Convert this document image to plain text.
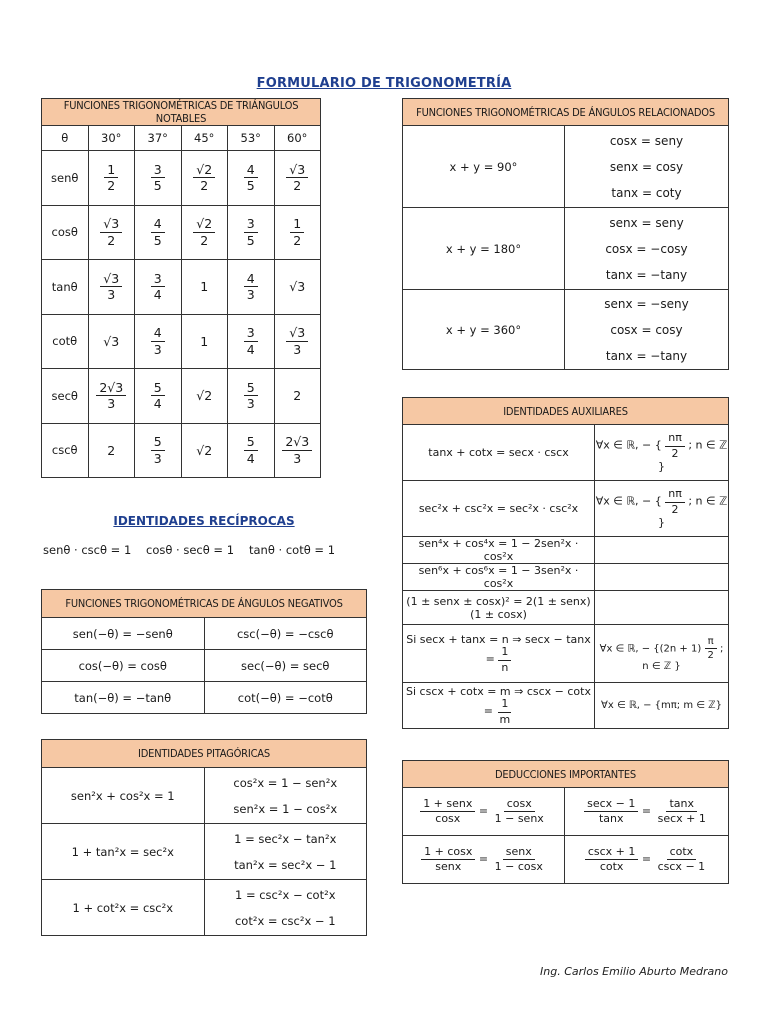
FORMULARIO DE TRIGONOMETRÍA
FUNCIONES TRIGONOMÉTRICAS DE TRIÁNGULOS NOTABLES					
θ	30°	37°	45°	53°	60°
senθ	$\frac{1}{2}$	$\frac{3}{5}$	$\frac{√2}{2}$	$\frac{4}{5}$	$\frac{√3}{2}$

cosθ	$\frac{√3}{2}$	$\frac{4}{5}$	$\frac{√2}{2}$	$\frac{3}{5}$	$\frac{1}{2}$

tanθ	$\frac{√3}{3}$	$\frac{3}{4}$	1	$\frac{4}{3}$	√3
cotθ	√3	$\frac{4}{3}$	1	$\frac{3}{4}$	$\frac{√3}{3}$

secθ	$\frac{2√3}{3}$	$\frac{5}{4}$	√2	$\frac{5}{3}$	2
cscθ	2	$\frac{5}{3}$	√2	$\frac{5}{4}$	$\frac{2√3}{3}$
IDENTIDADES RECÍPROCAS
senθ · cscθ = 1 cosθ · secθ = 1 tanθ · cotθ = 1
FUNCIONES TRIGONOMÉTRICAS DE ÁNGULOS NEGATIVOS	
sen(−θ) = −senθ	csc(−θ) = −cscθ
cos(−θ) = cosθ	sec(−θ) = secθ
tan(−θ) = −tanθ	cot(−θ) = −cotθ
IDENTIDADES PITAGÓRICAS	
sen²x + cos²x = 1	cos²x = 1 − sen²x
sen²x = 1 − cos²x

1 + tan²x = sec²x	1 = sec²x − tan²x
tan²x = sec²x − 1

1 + cot²x = csc²x	1 = csc²x − cot²x
cot²x = csc²x − 1
FUNCIONES TRIGONOMÉTRICAS DE ÁNGULOS RELACIONADOS	
x + y = 90°	cosx = seny
senx = cosy
tanx = coty

x + y = 180°	senx = seny
cosx = −cosy
tanx = −tany

x + y = 360°	senx = −seny
cosx = cosy
tanx = −tany
IDENTIDADES AUXILIARES	
tanx + cotx = secx · cscx	∀x ∈ ℝ, − { $\frac{n\pi}{2}$ ; n ∈ ℤ }
sec²x + csc²x = sec²x · csc²x	∀x ∈ ℝ, − { $\frac{n\pi}{2}$ ; n ∈ ℤ }
sen⁴x + cos⁴x = 1 − 2sen²x · cos²x	
sen⁶x + cos⁶x = 1 − 3sen²x · cos²x	
(1 ± senx ± cosx)² = 2(1 ± senx)(1 ± cosx)	
Si secx + tanx = n ⇒ $\sec x - \tan x = \frac{1}{n}$	∀x ∈ ℝ, − {$(2n + 1) \frac{\pi}{2}$ ; n ∈ ℤ }
Si cscx + cotx = m ⇒ $\csc x - \cot x = \frac{1}{m}$	∀x ∈ ℝ, − {mπ; m ∈ ℤ}
DEDUCCIONES IMPORTANTES	

$\frac{\text{1 + senx}}{\cos x} = \frac{\cos x}{\text{1 − senx}}$	$\frac{\sec x - 1}{\tan x} = \frac{\tan x}{\sec x + 1}$

$\frac{1 + \cos x}{\text{senx}} = \frac{\text{senx}}{1 - \cos x}$	$\frac{\csc x + 1}{\cot x} = \frac{\cot x}{\csc x - 1}$
Ing. Carlos Emilio Aburto Medrano
